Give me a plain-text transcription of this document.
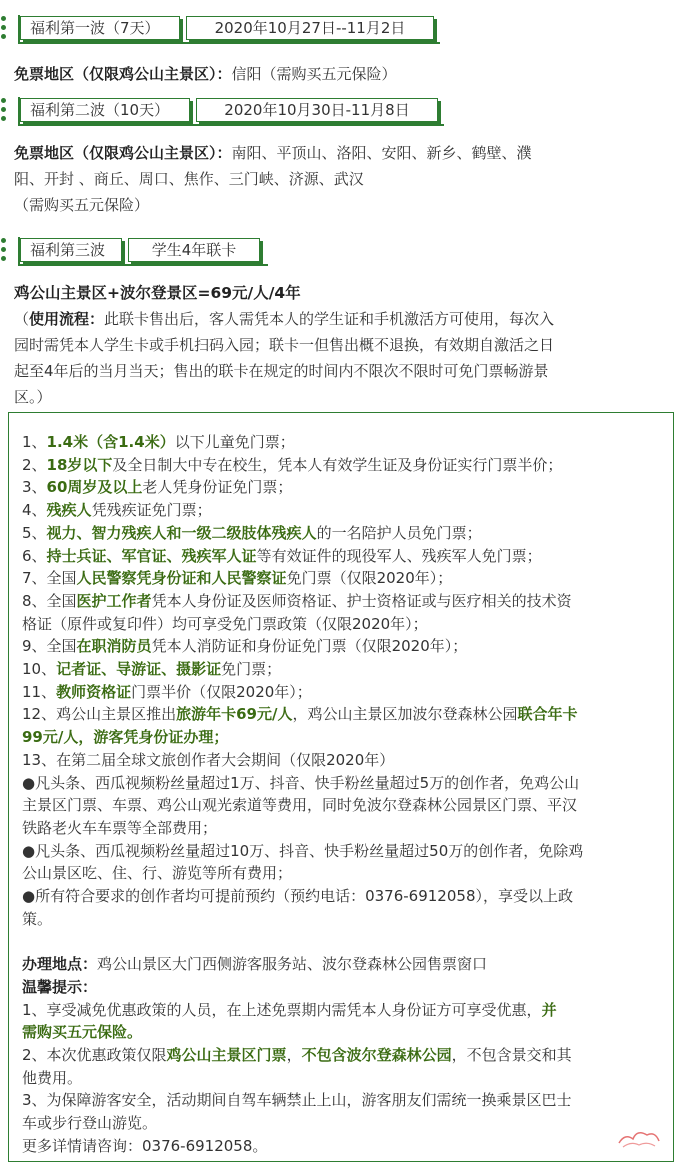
福利第一波（7天）	2020年10月27日--11月2日
免票地区（仅限鸡公山主景区）：信阳（需购买五元保险）
福利第二波（10天）	2020年10月30日-11月8日
免票地区（仅限鸡公山主景区）：南阳、平顶山、洛阳、安阳、新乡、鹤壁、濮
阳、开封 、商丘、周口、焦作、三门峡、济源、武汉
（需购买五元保险）
福利第三波	学生4年联卡
鸡公山主景区+波尔登景区=69元/人/4年
（使用流程：此联卡售出后，客人需凭本人的学生证和手机激活方可使用，每次入
园时需凭本人学生卡或手机扫码入园；联卡一但售出概不退换，有效期自激活之日
起至4年后的当月当天；售出的联卡在规定的时间内不限次不限时可免门票畅游景
区。）
1、1.4米（含1.4米）以下儿童免门票；
2、18岁以下及全日制大中专在校生，凭本人有效学生证及身份证实行门票半价；
3、60周岁及以上老人凭身份证免门票；
4、残疾人凭残疾证免门票；
5、视力、智力残疾人和一级二级肢体残疾人的一名陪护人员免门票；
6、持士兵证、军官证、残疾军人证等有效证件的现役军人、残疾军人免门票；
7、全国人民警察凭身份证和人民警察证免门票（仅限2020年）；
8、全国医护工作者凭本人身份证及医师资格证、护士资格证或与医疗相关的技术资
格证（原件或复印件）均可享受免门票政策（仅限2020年）；
9、全国在职消防员凭本人消防证和身份证免门票（仅限2020年）；
10、记者证、导游证、摄影证免门票；
11、教师资格证门票半价（仅限2020年）；
12、鸡公山主景区推出旅游年卡69元/人，鸡公山主景区加波尔登森林公园联合年卡
99元/人，游客凭身份证办理；
13、在第二届全球文旅创作者大会期间（仅限2020年）
●凡头条、西瓜视频粉丝量超过1万、抖音、快手粉丝量超过5万的创作者，免鸡公山
主景区门票、车票、鸡公山观光索道等费用，同时免波尔登森林公园景区门票、平汉
铁路老火车车票等全部费用；
●凡头条、西瓜视频粉丝量超过10万、抖音、快手粉丝量超过50万的创作者，免除鸡
公山景区吃、住、行、游览等所有费用；
●所有符合要求的创作者均可提前预约（预约电话：0376-6912058），享受以上政
策。
办理地点：鸡公山景区大门西侧游客服务站、波尔登森林公园售票窗口
温馨提示：
1、享受减免优惠政策的人员，在上述免票期内需凭本人身份证方可享受优惠，并
需购买五元保险。
2、本次优惠政策仅限鸡公山主景区门票，不包含波尔登森林公园，不包含景交和其
他费用。
3、为保障游客安全，活动期间自驾车辆禁止上山，游客朋友们需统一换乘景区巴士
车或步行登山游览。
更多详情请咨询：0376-6912058。
